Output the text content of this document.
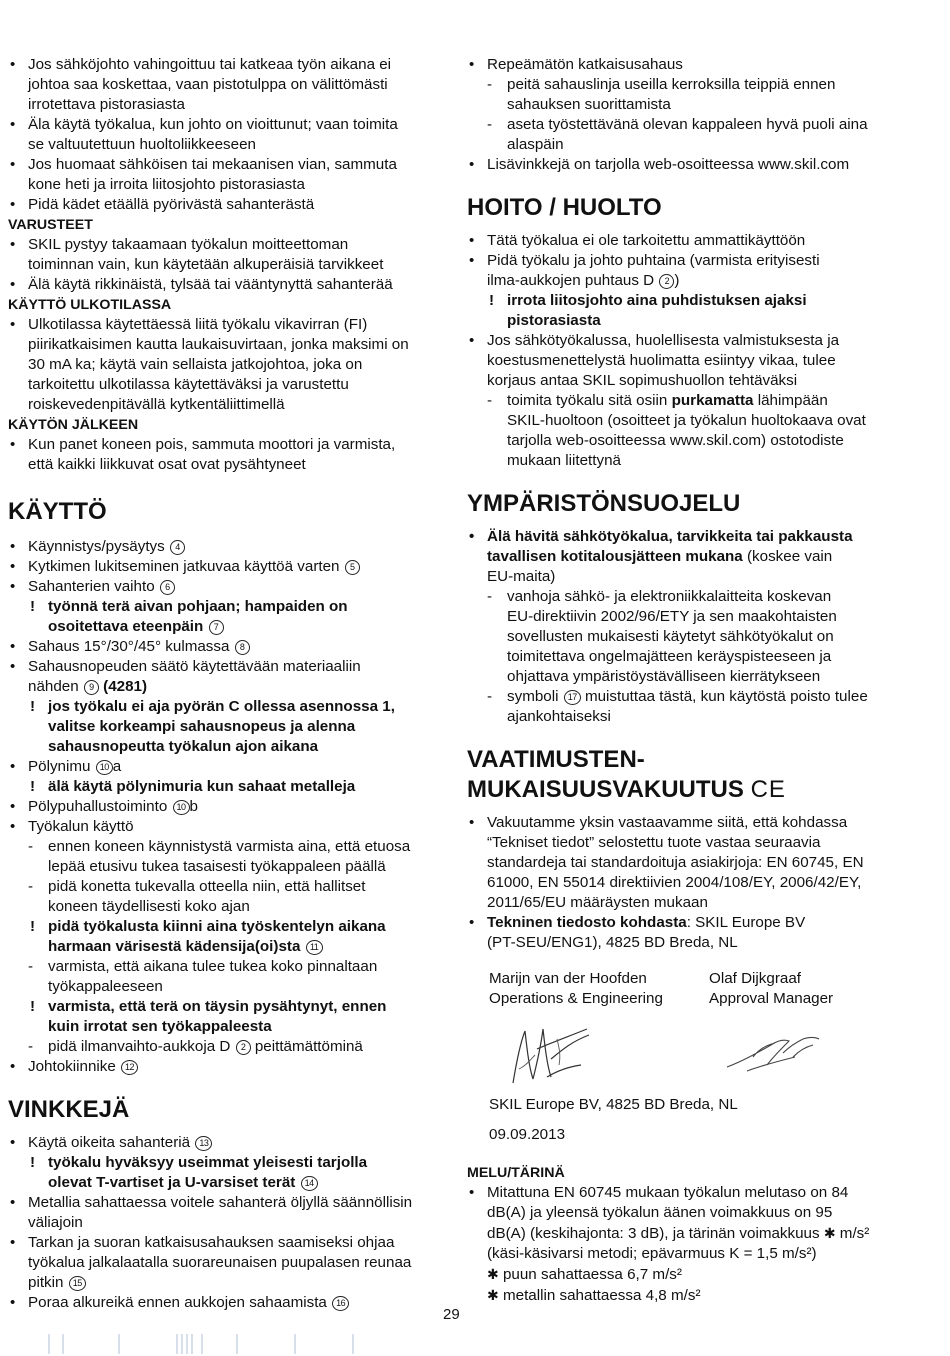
• Jos sähköjohto vahingoittuu tai katkeaa työn aikana ei
johtoa saa koskettaa, vaan pistotulppa on välittömästi
irrotettava pistorasiasta
• Äla käytä työkalua, kun johto on vioittunut; vaan toimita
se valtuutettuun huoltoliikkeeseen
• Jos huomaat sähköisen tai mekaanisen vian, sammuta
kone heti ja irroita liitosjohto pistorasiasta
• Pidä kädet etäällä pyörivästä sahanterästä
VARUSTEET
• SKIL pystyy takaamaan työkalun moitteettoman
toiminnan vain, kun käytetään alkuperäisiä tarvikkeet
• Älä käytä rikkinäistä, tylsää tai vääntynyttä sahanterää
KÄYTTÖ ULKOTILASSA
• Ulkotilassa käytettäessä liitä työkalu vikavirran (FI)
piirikatkaisimen kautta laukaisuvirtaan, jonka maksimi on
30 mA ka; käytä vain sellaista jatkojohtoa, joka on
tarkoitettu ulkotilassa käytettäväksi ja varustettu
roiskevedenpitävällä kytkentäliittimellä
KÄYTÖN JÄLKEEN
• Kun panet koneen pois, sammuta moottori ja varmista,
että kaikki liikkuvat osat ovat pysähtyneet
KÄYTTÖ
• Käynnistys/pysäytys 4
• Kytkimen lukitseminen jatkuvaa käyttöä varten 5
• Sahanterien vaihto 6
! työnnä terä aivan pohjaan; hampaiden on
osoitettava eteenpäin 7
• Sahaus 15°/30°/45° kulmassa 8
• Sahausnopeuden säätö käytettävään materiaaliin
nähden 9 (4281)
! jos työkalu ei aja pyörän C ollessa asennossa 1,
valitse korkeampi sahausnopeus ja alenna
sahausnopeutta työkalun ajon aikana
• Pölynimu 10 a
! älä käytä pölynimuria kun sahaat metalleja
• Pölypuhallustoiminto 10 b
• Työkalun käyttö
- ennen koneen käynnistystä varmista aina, että etuosa
lepää etusivu tukea tasaisesti työkappaleen päällä
- pidä konetta tukevalla otteella niin, että hallitset
koneen täydellisesti koko ajan
! pidä työkalusta kiinni aina työskentelyn aikana
harmaan värisestä kädensija(oi)sta 11
- varmista, että aikana tulee tukea koko pinnaltaan
työkappaleeseen
! varmista, että terä on täysin pysähtynyt, ennen
kuin irrotat sen työkappaleesta
- pidä ilmanvaihto-aukkoja D 2 peittämättöminä
• Johtokiinnike 12
VINKKEJÄ
• Käytä oikeita sahanteriä 13
! työkalu hyväksyy useimmat yleisesti tarjolla
olevat T-vartiset ja U-varsiset terät 14
• Metallia sahattaessa voitele sahanterä öljyllä säännöllisin
väliajoin
• Tarkan ja suoran katkaisusahauksen saamiseksi ohjaa
työkalua jalkalaatalla suorareunaisen puupalasen reunaa
pitkin 15
• Poraa alkureikä ennen aukkojen sahaamista 16
• Repeämätön katkaisusahaus
- peitä sahauslinja useilla kerroksilla teippiä ennen
sahauksen suorittamista
- aseta työstettävänä olevan kappaleen hyvä puoli aina
alaspäin
• Lisävinkkejä on tarjolla web-osoitteessa www.skil.com
HOITO / HUOLTO
• Tätä työkalua ei ole tarkoitettu ammattikäyttöön
• Pidä työkalu ja johto puhtaina (varmista erityisesti
ilma-aukkojen puhtaus D 2 )
! irrota liitosjohto aina puhdistuksen ajaksi
pistorasiasta
• Jos sähkötyökalussa, huolellisesta valmistuksesta ja
koestusmenettelystä huolimatta esiintyy vikaa, tulee
korjaus antaa SKIL sopimushuollon tehtäväksi
- toimita työkalu sitä osiin purkamatta lähimpään
SKIL-huoltoon (osoitteet ja työkalun huoltokaava ovat
tarjolla web-osoitteessa www.skil.com) ostotodiste
mukaan liitettynä
YMPÄRISTÖNSUOJELU
• Älä hävitä sähkötyökalua, tarvikkeita tai pakkausta
tavallisen kotitalousjätteen mukana (koskee vain
EU-maita)
- vanhoja sähkö- ja elektroniikkalaitteita koskevan
EU-direktiivin 2002/96/ETY ja sen maakohtaisten
sovellusten mukaisesti käytetyt sähkötyökalut on
toimitettava ongelmajätteen keräyspisteeseen ja
ohjattava ympäristöystävälliseen kierrätykseen
- symboli 17 muistuttaa tästä, kun käytöstä poisto tulee
ajankohtaiseksi
VAATIMUSTEN-
MUKAISUUSVAKUUTUS CE
• Vakuutamme yksin vastaavamme siitä, että kohdassa
“Tekniset tiedot” selostettu tuote vastaa seuraavia
standardeja tai standardoituja asiakirjoja: EN 60745, EN
61000, EN 55014 direktiivien 2004/108/EY, 2006/42/EY,
2011/65/EU määräysten mukaan
• Tekninen tiedosto kohdasta: SKIL Europe BV
(PT-SEU/ENG1), 4825 BD Breda, NL
Marijn van der Hoofden
Operations & Engineering
Olaf Dijkgraaf
Approval Manager
SKIL Europe BV, 4825 BD Breda, NL
09.09.2013
MELU/TÄRINÄ
• Mitattuna EN 60745 mukaan työkalun melutaso on 84
dB(A) ja yleensä työkalun äänen voimakkuus on 95
dB(A) (keskihajonta: 3 dB), ja tärinän voimakkuus ✱ m/s²
(käsi-käsivarsi metodi; epävarmuus K = 1,5 m/s²)
✱ puun sahattaessa 6,7 m/s²
✱ metallin sahattaessa 4,8 m/s²
29
